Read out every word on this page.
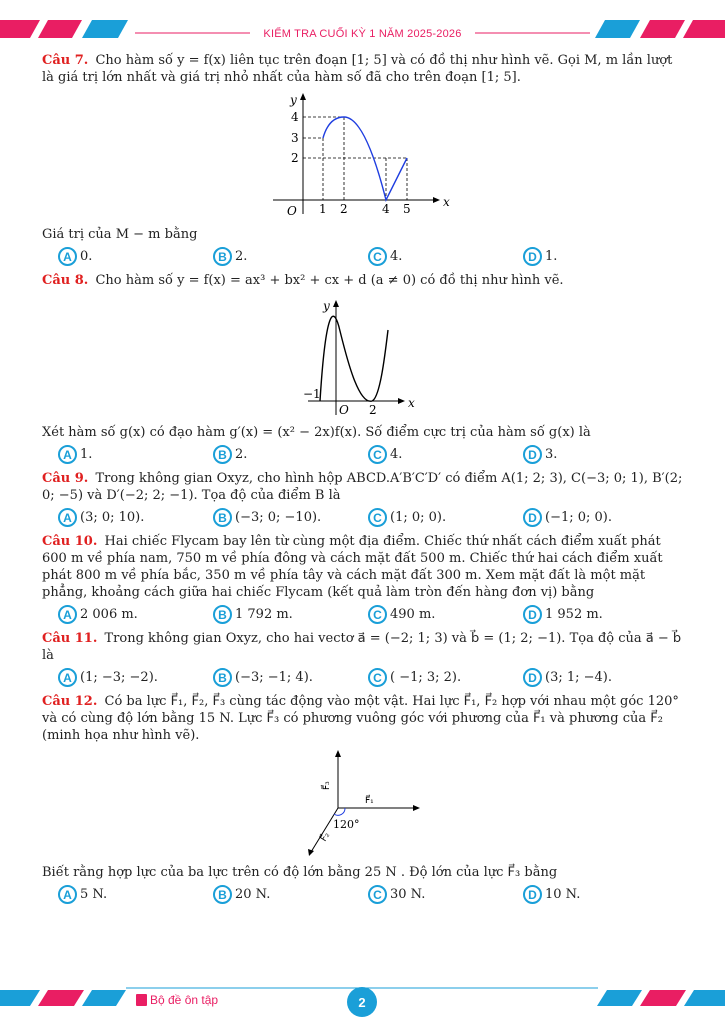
KIỂM TRA CUỐI KỲ 1 NĂM 2025-2026
Câu 7. Cho hàm số y = f(x) liên tục trên đoạn [1; 5] và có đồ thị như hình vẽ. Gọi M, m lần lượt là giá trị lớn nhất và giá trị nhỏ nhất của hàm số đã cho trên đoạn [1; 5].
y
x
O
4
3
2
1 2	4 5
Giá trị của M − m bằng
A 0.	B 2.	C 4.	D 1.
Câu 8. Cho hàm số y = f(x) = ax³ + bx² + cx + d (a ≠ 0) có đồ thị như hình vẽ.
y
x
O
−1
2
Xét hàm số g(x) có đạo hàm g′(x) = (x² − 2x)f(x). Số điểm cực trị của hàm số g(x) là
A 1.	B 2.	C 4.	D 3.
Câu 9. Trong không gian Oxyz, cho hình hộp ABCD.A′B′C′D′ có điểm A(1; 2; 3), C(−3; 0; 1), B′(2; 0; −5) và D′(−2; 2; −1). Tọa độ của điểm B là
A (3; 0; 10).	B (−3; 0; −10).	C (1; 0; 0).	D (−1; 0; 0).
Câu 10. Hai chiếc Flycam bay lên từ cùng một địa điểm. Chiếc thứ nhất cách điểm xuất phát 600 m về phía nam, 750 m về phía đông và cách mặt đất 500 m. Chiếc thứ hai cách điểm xuất phát 800 m về phía bắc, 350 m về phía tây và cách mặt đất 300 m. Xem mặt đất là một mặt phẳng, khoảng cách giữa hai chiếc Flycam (kết quả làm tròn đến hàng đơn vị) bằng
A 2 006 m.	B 1 792 m.	C 490 m.	D 1 952 m.
Câu 11. Trong không gian Oxyz, cho hai vectơ a⃗ = (−2; 1; 3) và b⃗ = (1; 2; −1). Tọa độ của a⃗ − b⃗ là
A (1; −3; −2).	B (−3; −1; 4).	C ( −1; 3; 2).	D (3; 1; −4).
Câu 12. Có ba lực F⃗₁, F⃗₂, F⃗₃ cùng tác động vào một vật. Hai lực F⃗₁, F⃗₂ hợp với nhau một góc 120° và có cùng độ lớn bằng 15 N. Lực F⃗₃ có phương vuông góc với phương của F⃗₁ và phương của F⃗₂ (minh họa như hình vẽ).
F⃗₁
F⃗₃
F⃗₂
120°
Biết rằng hợp lực của ba lực trên có độ lớn bằng 25 N . Độ lớn của lực F⃗₃ bằng
A 5 N.	B 20 N.	C 30 N.	D 10 N.
Bộ đề ôn tập	2
